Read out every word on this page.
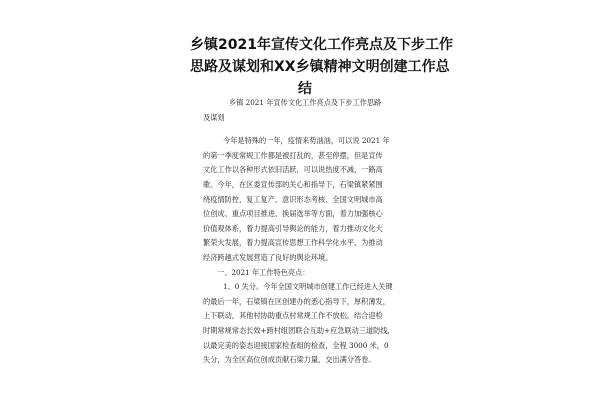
乡镇2021年宣传文化工作亮点及下步工作
思路及谋划和XX乡镇精神文明创建工作总
结
乡镇 2021 年宣传文化工作亮点及下步工作思路
及谋划
今年是特殊的一年，疫情来势汹汹，可以说 2021 年
的第一季度常规工作都是被打乱的，甚至停摆，但是宣传
文化工作以各种形式依旧活跃，可以说热度不减，一路高
歌。今年，在区委宣传部的关心和指导下，石梁镇紧紧围
绕疫情防控、复工复产、意识形态考核、全国文明城市高
位创成、重点项目推进、换届选举等方面，着力加强核心
价值观体系，着力提高引导舆论的能力，着力推动文化大
繁荣大发展，着力提高宣传思想工作科学化水平，为推动
经济跨越式发展营造了良好的舆论环境。
一、2021 年工作特色亮点：
1、0 失分。今年全国文明城市创建工作已经进入关键
的最后一年，石梁镇在区创建办的悉心指导下，厚积薄发，
上下联动，其他村协助重点村常规工作不放松，结合迎检
时期常规常态长效+跨村组团联合互助+应急联动三道防线，
以最完美的姿态迎接国家检查组的检查，全程 3000 米，0
失分，为全区高位创成贡献石梁力量，交出满分答卷。
